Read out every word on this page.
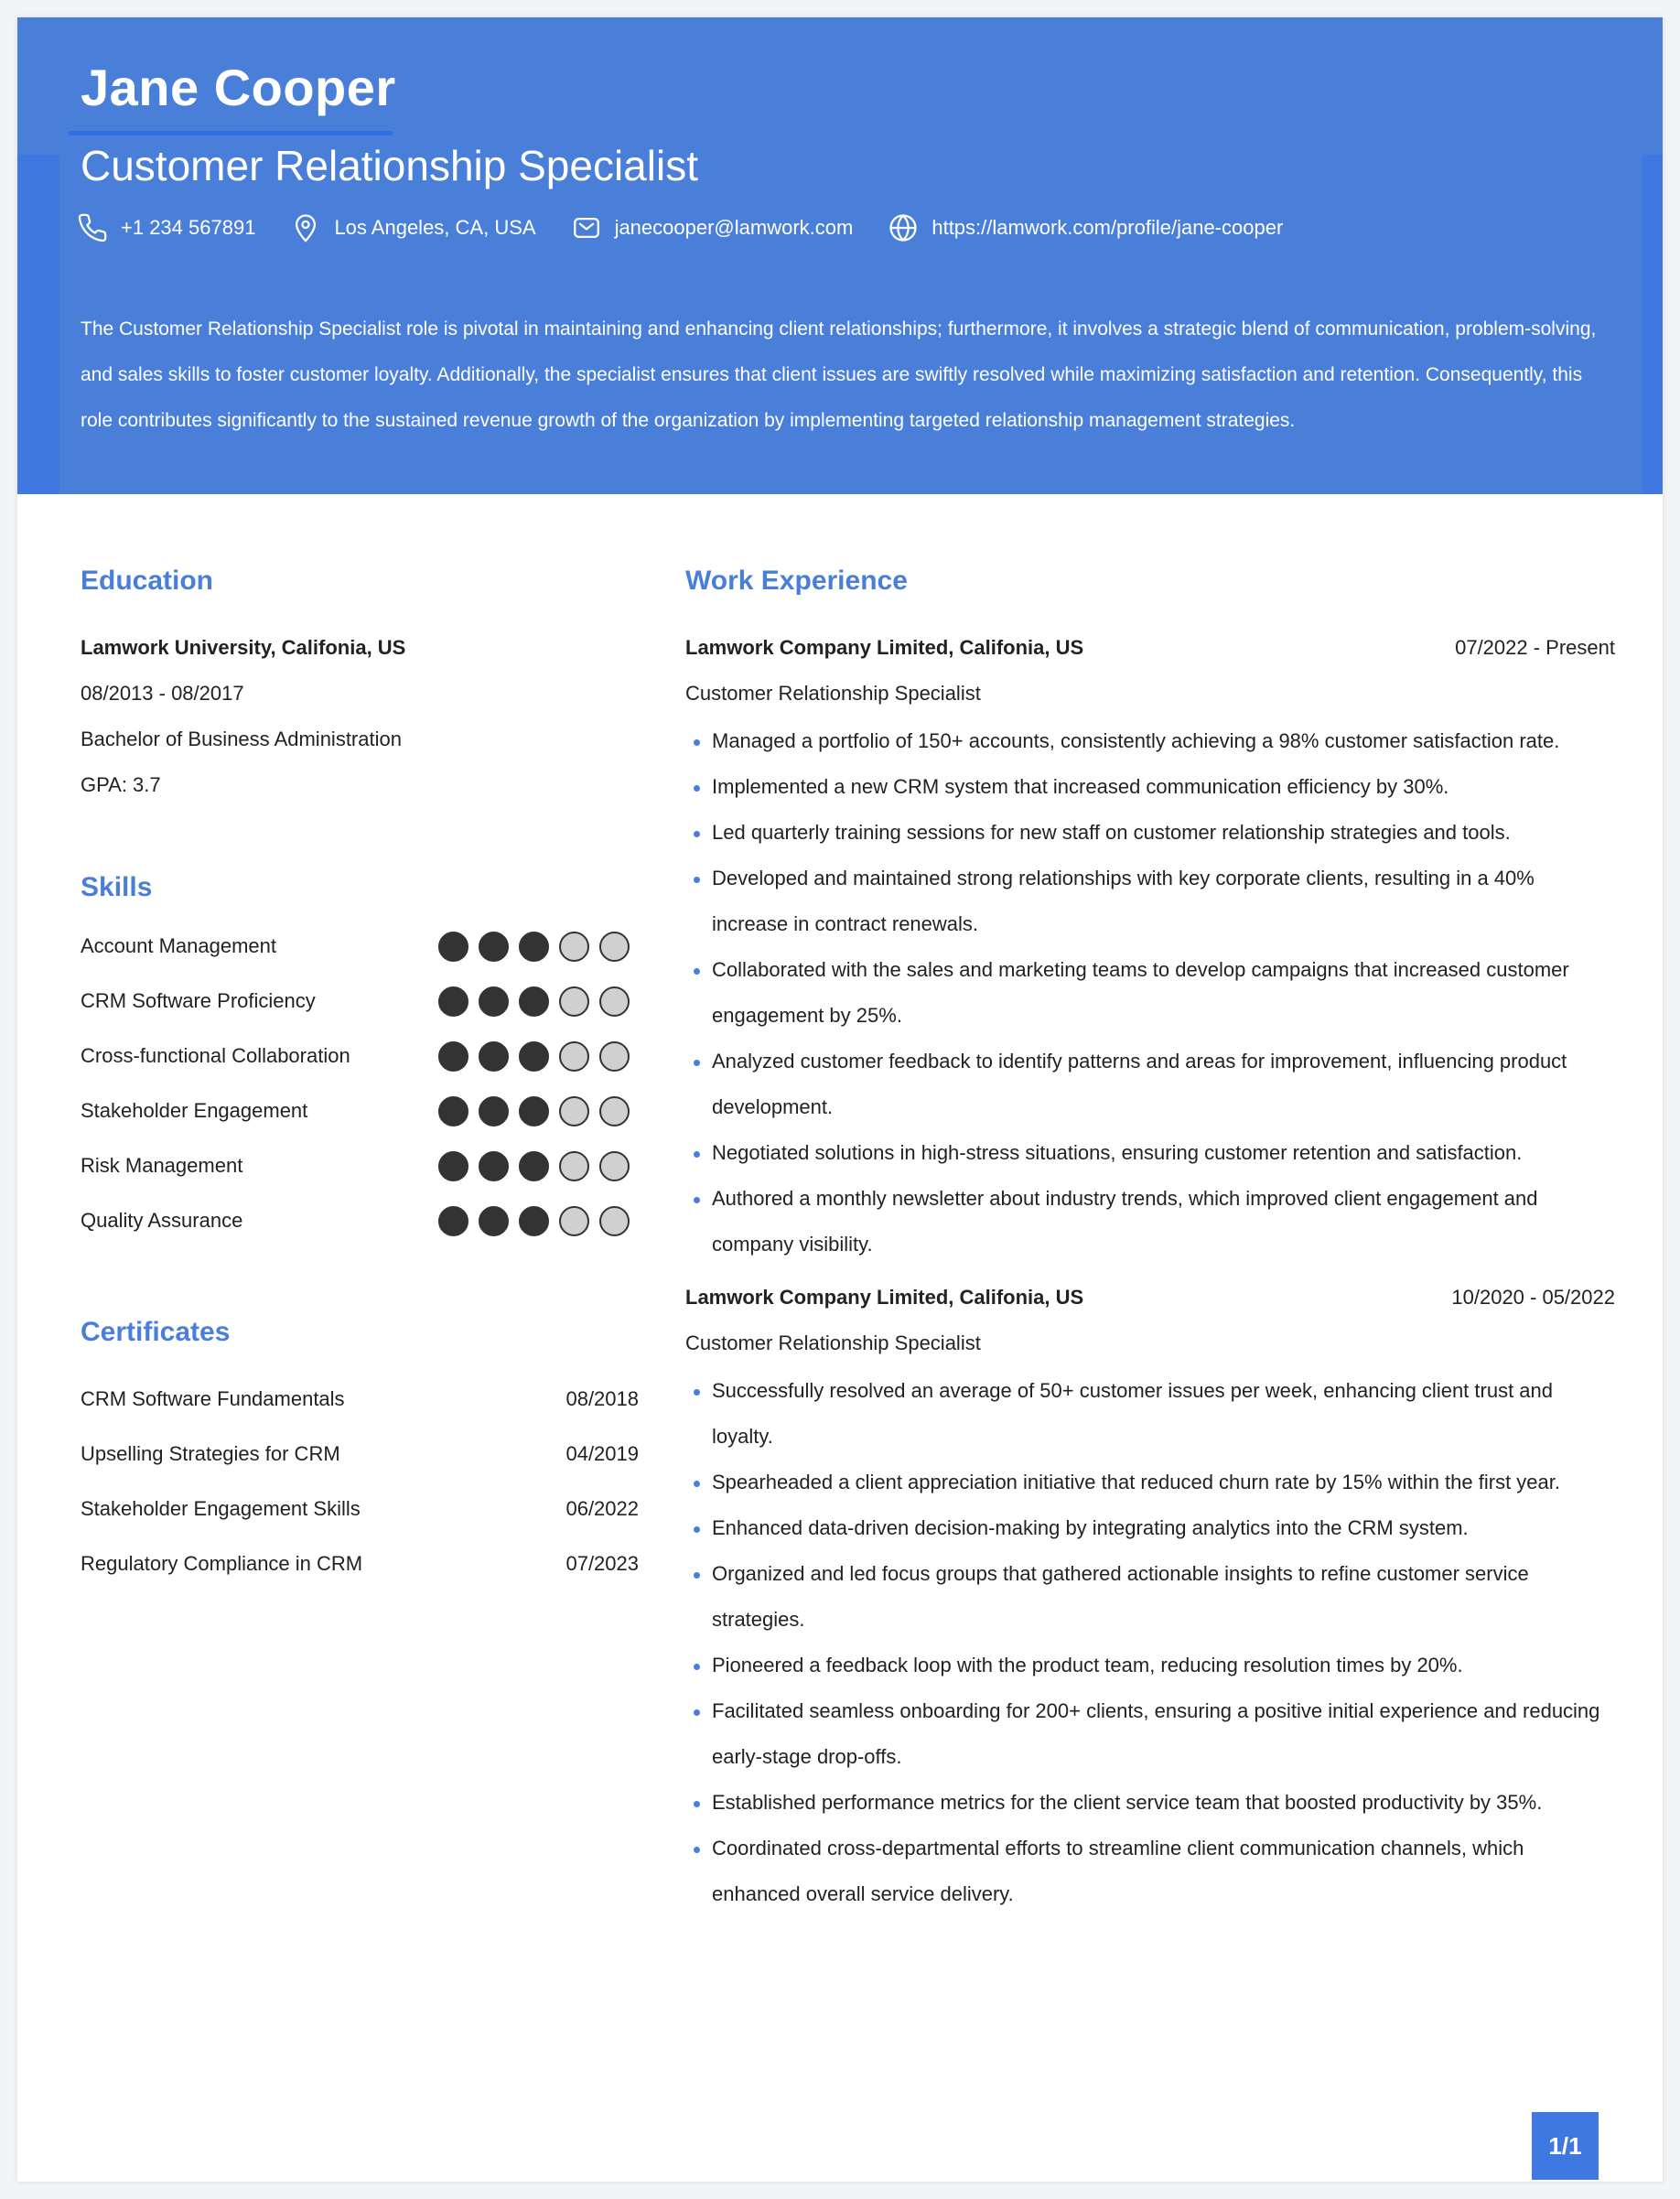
Jane Cooper
Customer Relationship Specialist
+1 234 567891	Los Angeles, CA, USA	janecooper@lamwork.com	https://lamwork.com/profile/jane-cooper
The Customer Relationship Specialist role is pivotal in maintaining and enhancing client relationships; furthermore, it involves a strategic blend of communication, problem-solving, and sales skills to foster customer loyalty. Additionally, the specialist ensures that client issues are swiftly resolved while maximizing satisfaction and retention. Consequently, this role contributes significantly to the sustained revenue growth of the organization by implementing targeted relationship management strategies.
Education
Lamwork University, Califonia, US
08/2013 - 08/2017
Bachelor of Business Administration
GPA: 3.7
Skills
Account Management
CRM Software Proficiency
Cross-functional Collaboration
Stakeholder Engagement
Risk Management
Quality Assurance
Certificates
CRM Software Fundamentals	08/2018
Upselling Strategies for CRM	04/2019
Stakeholder Engagement Skills	06/2022
Regulatory Compliance in CRM	07/2023
Work Experience
Lamwork Company Limited, Califonia, US	07/2022 - Present
Customer Relationship Specialist
Managed a portfolio of 150+ accounts, consistently achieving a 98% customer satisfaction rate.
Implemented a new CRM system that increased communication efficiency by 30%.
Led quarterly training sessions for new staff on customer relationship strategies and tools.
Developed and maintained strong relationships with key corporate clients, resulting in a 40% increase in contract renewals.
Collaborated with the sales and marketing teams to develop campaigns that increased customer engagement by 25%.
Analyzed customer feedback to identify patterns and areas for improvement, influencing product development.
Negotiated solutions in high-stress situations, ensuring customer retention and satisfaction.
Authored a monthly newsletter about industry trends, which improved client engagement and company visibility.
Lamwork Company Limited, Califonia, US	10/2020 - 05/2022
Customer Relationship Specialist
Successfully resolved an average of 50+ customer issues per week, enhancing client trust and loyalty.
Spearheaded a client appreciation initiative that reduced churn rate by 15% within the first year.
Enhanced data-driven decision-making by integrating analytics into the CRM system.
Organized and led focus groups that gathered actionable insights to refine customer service strategies.
Pioneered a feedback loop with the product team, reducing resolution times by 20%.
Facilitated seamless onboarding for 200+ clients, ensuring a positive initial experience and reducing early-stage drop-offs.
Established performance metrics for the client service team that boosted productivity by 35%.
Coordinated cross-departmental efforts to streamline client communication channels, which enhanced overall service delivery.
1/1
